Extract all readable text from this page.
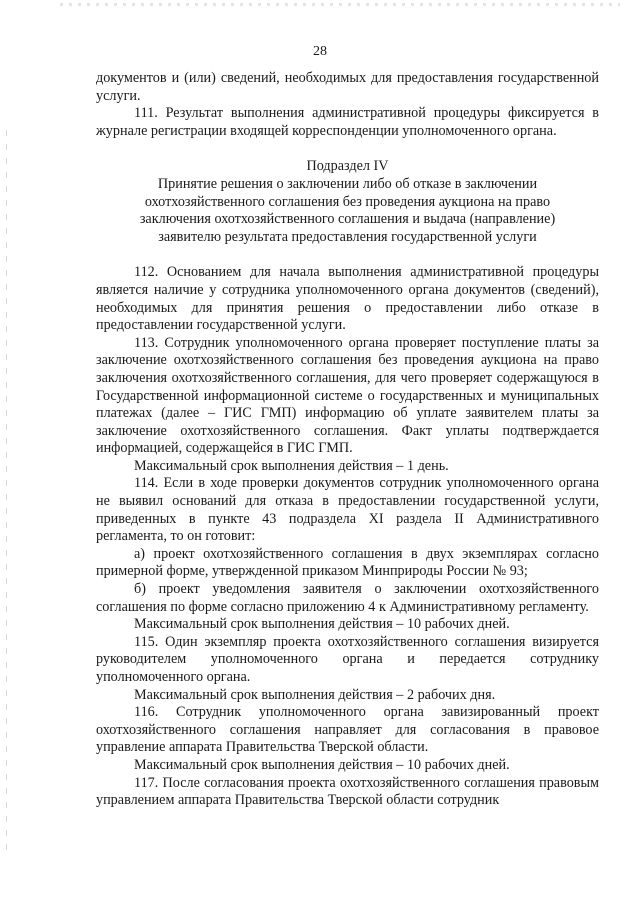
28

документов и (или) сведений, необходимых для предоставления государственной услуги.

111. Результат выполнения административной процедуры фиксируется в журнале регистрации входящей корреспонденции уполномоченного органа.

Подраздел IV
Принятие решения о заключении либо об отказе в заключении
охотхозяйственного соглашения без проведения аукциона на право
заключения охотхозяйственного соглашения и выдача (направление)
заявителю результата предоставления государственной услуги

112. Основанием для начала выполнения административной процедуры является наличие у сотрудника уполномоченного органа документов (сведений), необходимых для принятия решения о предоставлении либо отказе в предоставлении государственной услуги.

113. Сотрудник уполномоченного органа проверяет поступление платы за заключение охотхозяйственного соглашения без проведения аукциона на право заключения охотхозяйственного соглашения, для чего проверяет содержащуюся в Государственной информационной системе о государственных и муниципальных платежах (далее – ГИС ГМП) информацию об уплате заявителем платы за заключение охотхозяйственного соглашения. Факт уплаты подтверждается информацией, содержащейся в ГИС ГМП.

Максимальный срок выполнения действия – 1 день.

114. Если в ходе проверки документов сотрудник уполномоченного органа не выявил оснований для отказа в предоставлении государственной услуги, приведенных в пункте 43 подраздела XI раздела II Административного регламента, то он готовит:

а) проект охотхозяйственного соглашения в двух экземплярах согласно примерной форме, утвержденной приказом Минприроды России № 93;

б) проект уведомления заявителя о заключении охотхозяйственного соглашения по форме согласно приложению 4 к Административному регламенту.

Максимальный срок выполнения действия – 10 рабочих дней.

115. Один экземпляр проекта охотхозяйственного соглашения визируется руководителем уполномоченного органа и передается сотруднику уполномоченного органа.

Максимальный срок выполнения действия – 2 рабочих дня.

116. Сотрудник уполномоченного органа завизированный проект охотхозяйственного соглашения направляет для согласования в правовое управление аппарата Правительства Тверской области.

Максимальный срок выполнения действия – 10 рабочих дней.

117. После согласования проекта охотхозяйственного соглашения правовым управлением аппарата Правительства Тверской области сотрудник
